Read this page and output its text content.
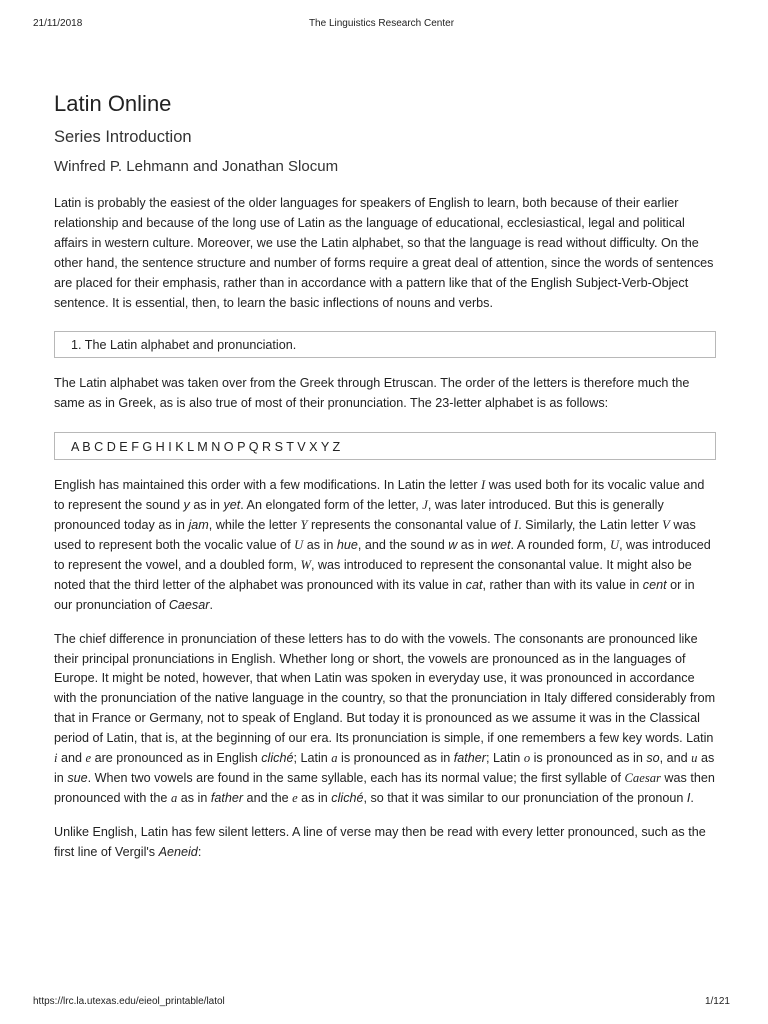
21/11/2018	The Linguistics Research Center
Latin Online
Series Introduction
Winfred P. Lehmann and Jonathan Slocum

Latin is probably the easiest of the older languages for speakers of English to learn, both because of their earlier relationship and because of the long use of Latin as the language of educational, ecclesiastical, legal and political affairs in western culture. Moreover, we use the Latin alphabet, so that the language is read without difficulty. On the other hand, the sentence structure and number of forms require a great deal of attention, since the words of sentences are placed for their emphasis, rather than in accordance with a pattern like that of the English Subject-Verb-Object sentence. It is essential, then, to learn the basic inflections of nouns and verbs.

1. The Latin alphabet and pronunciation.

The Latin alphabet was taken over from the Greek through Etruscan. The order of the letters is therefore much the same as in Greek, as is also true of most of their pronunciation. The 23-letter alphabet is as follows:

A B C D E F G H I K L M N O P Q R S T V X Y Z

English has maintained this order with a few modifications. In Latin the letter I was used both for its vocalic value and to represent the sound y as in yet. An elongated form of the letter, J, was later introduced. But this is generally pronounced today as in jam, while the letter Y represents the consonantal value of I. Similarly, the Latin letter V was used to represent both the vocalic value of U as in hue, and the sound w as in wet. A rounded form, U, was introduced to represent the vowel, and a doubled form, W, was introduced to represent the consonantal value. It might also be noted that the third letter of the alphabet was pronounced with its value in cat, rather than with its value in cent or in our pronunciation of Caesar.

The chief difference in pronunciation of these letters has to do with the vowels. The consonants are pronounced like their principal pronunciations in English. Whether long or short, the vowels are pronounced as in the languages of Europe. It might be noted, however, that when Latin was spoken in everyday use, it was pronounced in accordance with the pronunciation of the native language in the country, so that the pronunciation in Italy differed considerably from that in France or Germany, not to speak of England. But today it is pronounced as we assume it was in the Classical period of Latin, that is, at the beginning of our era. Its pronunciation is simple, if one remembers a few key words. Latin i and e are pronounced as in English cliché; Latin a is pronounced as in father; Latin o is pronounced as in so, and u as in sue. When two vowels are found in the same syllable, each has its normal value; the first syllable of Caesar was then pronounced with the a as in father and the e as in cliché, so that it was similar to our pronunciation of the pronoun I.

Unlike English, Latin has few silent letters. A line of verse may then be read with every letter pronounced, such as the first line of Vergil's Aeneid:

https://lrc.la.utexas.edu/eieol_printable/latol	1/121
